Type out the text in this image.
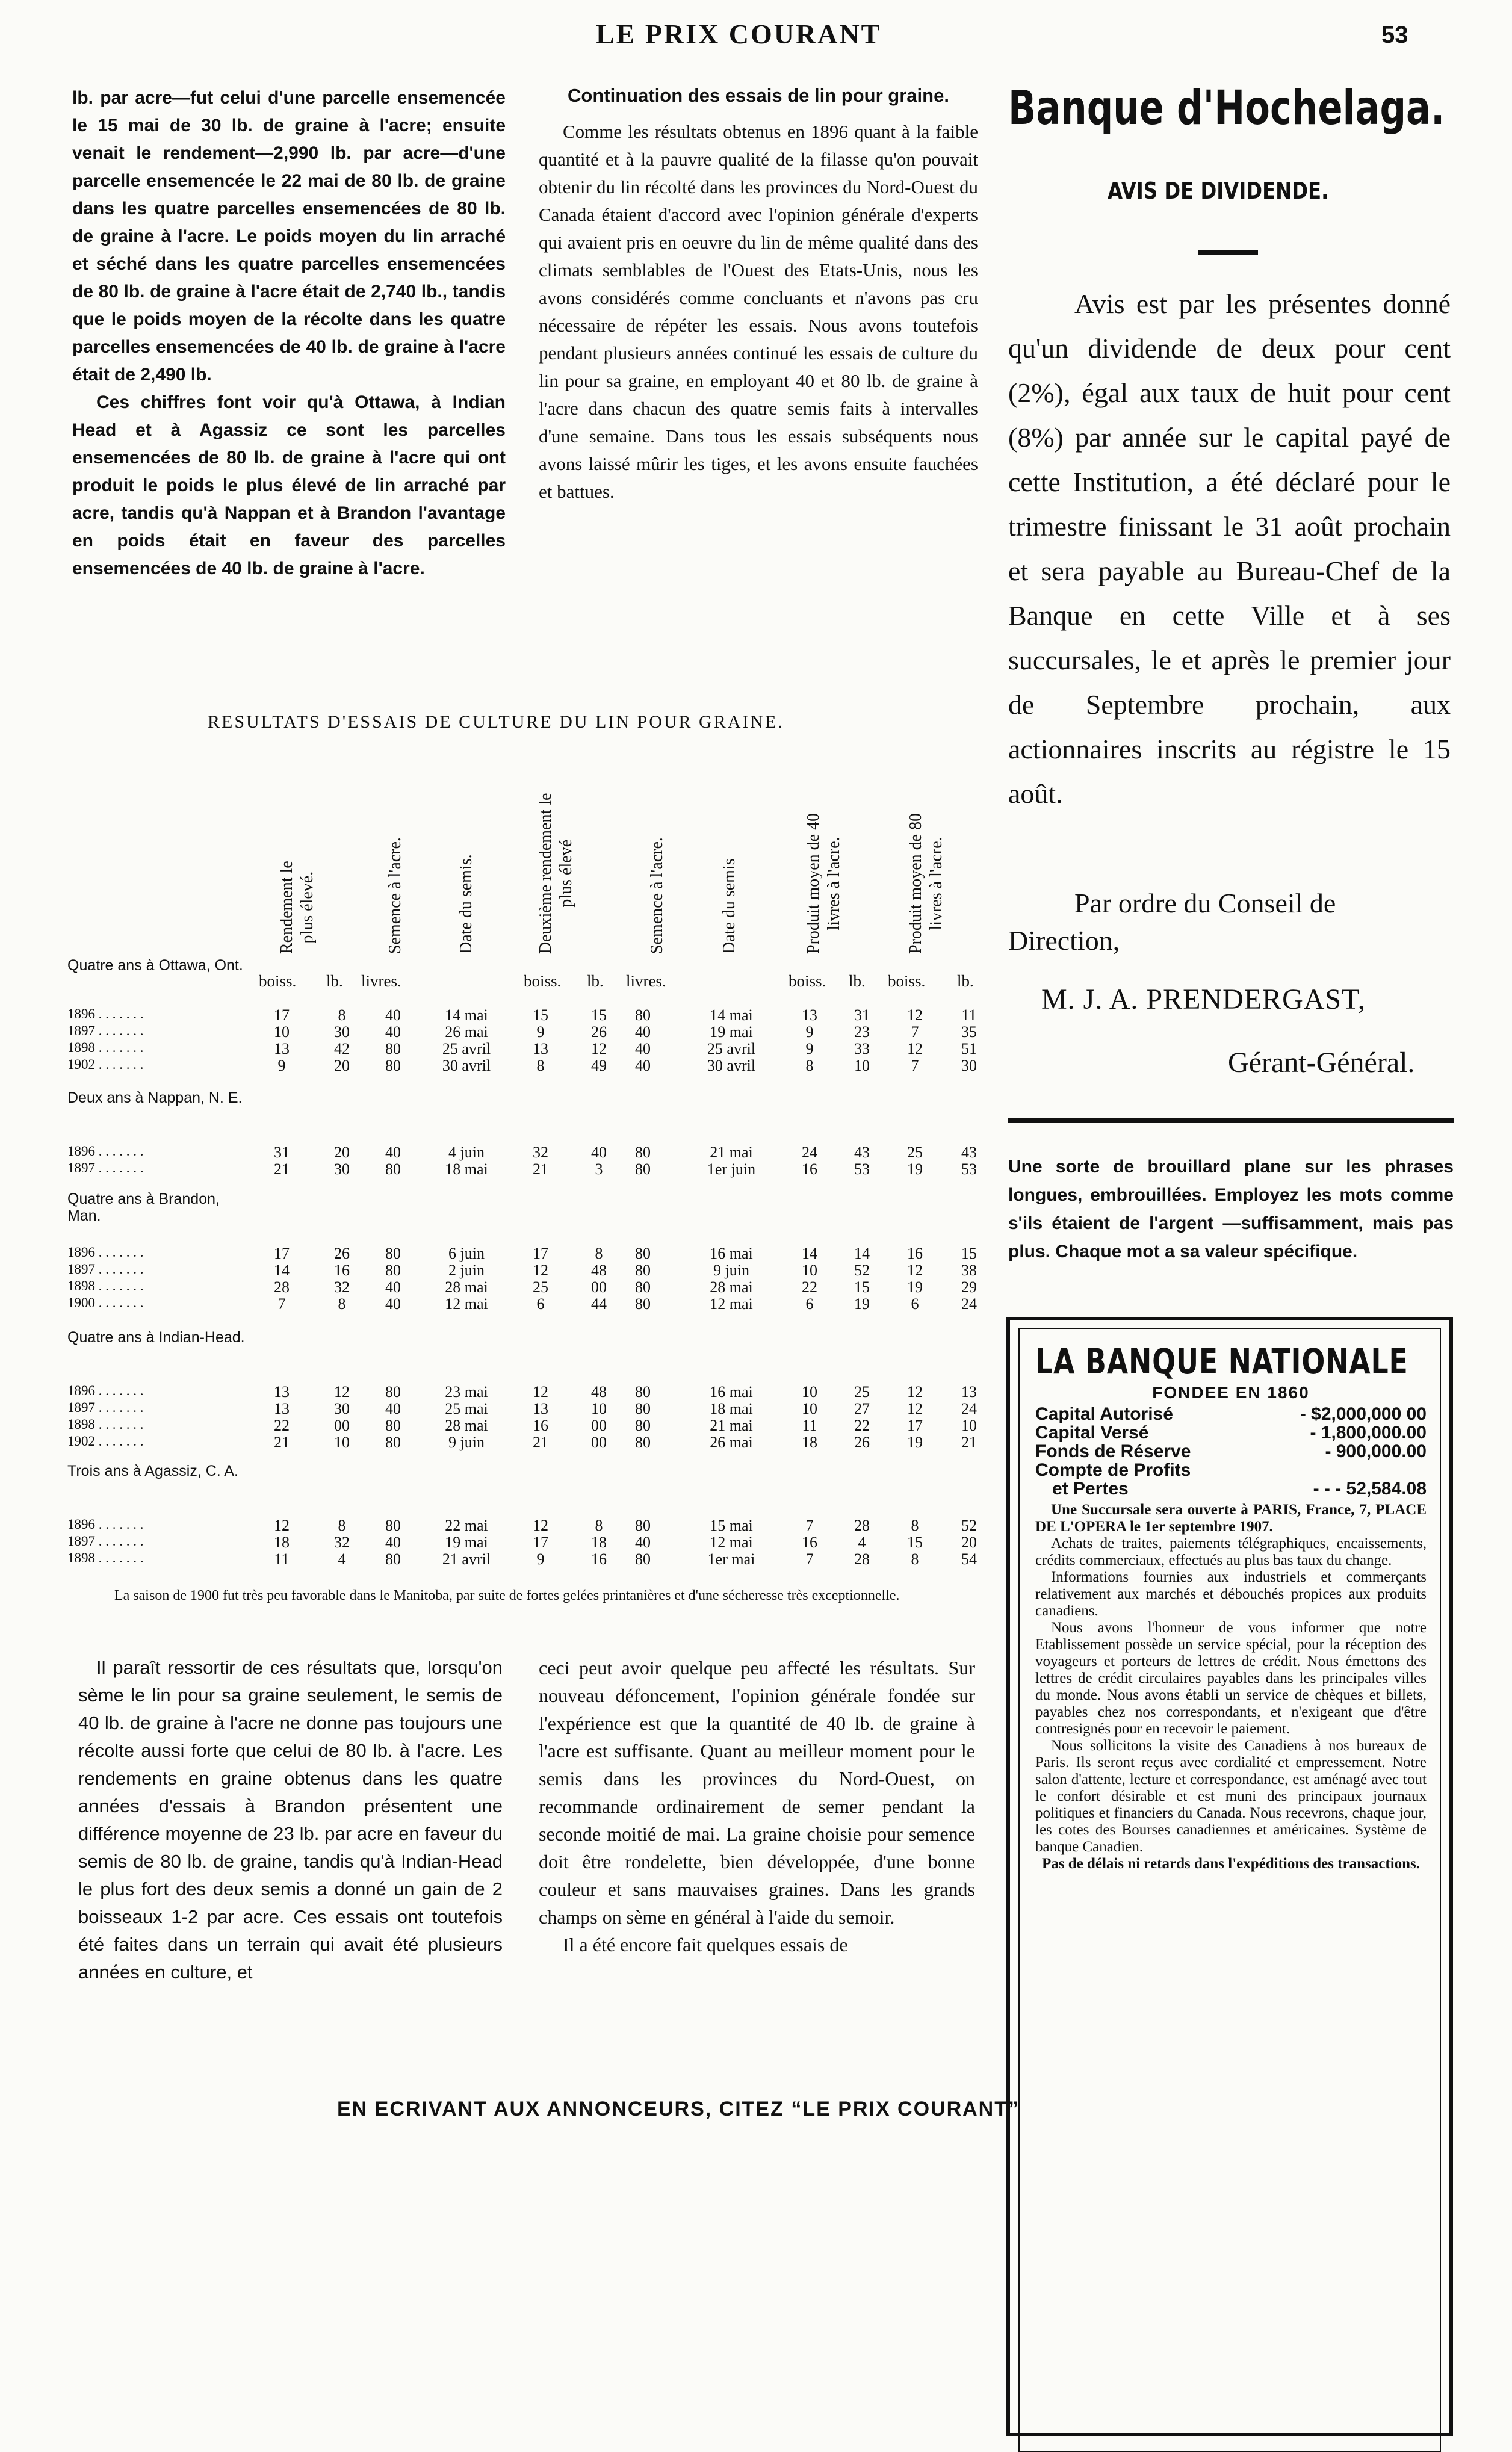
LE PRIX COURANT	53

lb. par acre—fut celui d'une parcelle ensemencée le 15 mai de 30 lb. de graine à l'acre; ensuite venait le rendement—2,990 lb. par acre—d'une parcelle ensemencée le 22 mai de 80 lb. de graine dans les quatre parcelles ensemencées de 80 lb. de graine à l'acre. Le poids moyen du lin arraché et séché dans les quatre parcelles ensemencées de 80 lb. de graine à l'acre était de 2,740 lb., tandis que le poids moyen de la récolte dans les quatre parcelles ensemencées de 40 lb. de graine à l'acre était de 2,490 lb.

Ces chiffres font voir qu'à Ottawa, à Indian Head et à Agassiz ce sont les parcelles ensemencées de 80 lb. de graine à l'acre qui ont produit le poids le plus élevé de lin arraché par acre, tandis qu'à Nappan et à Brandon l'avantage en poids était en faveur des parcelles ensemencées de 40 lb. de graine à l'acre.

Continuation des essais de lin pour graine.

Comme les résultats obtenus en 1896 quant à la faible quantité et à la pauvre qualité de la filasse qu'on pouvait obtenir du lin récolté dans les provinces du Nord-Ouest du Canada étaient d'accord avec l'opinion générale d'experts qui avaient pris en oeuvre du lin de même qualité dans des climats semblables de l'Ouest des Etats-Unis, nous les avons considérés comme concluants et n'avons pas cru nécessaire de répéter les essais. Nous avons toutefois pendant plusieurs années continué les essais de culture du lin pour sa graine, en employant 40 et 80 lb. de graine à l'acre dans chacun des quatre semis faits à intervalles d'une semaine. Dans tous les essais subséquents nous avons laissé mûrir les tiges, et les avons ensuite fauchées et battues.

Banque d'Hochelaga.
AVIS DE DIVIDENDE.

Avis est par les présentes donné qu'un dividende de deux pour cent (2%), égal aux taux de huit pour cent (8%) par année sur le capital payé de cette Institution, a été déclaré pour le trimestre finissant le 31 août prochain et sera payable au Bureau-Chef de la Banque en cette Ville et à ses succursales, le et après le premier jour de Septembre prochain, aux actionnaires inscrits au régistre le 15 août.

Par ordre du Conseil de Direction,
M. J. A. PRENDERGAST,
Gérant-Général.
Une sorte de brouillard plane sur les phrases longues, embrouillées. Employez les mots comme s'ils étaient de l'argent —suffisamment, mais pas plus. Chaque mot a sa valeur spécifique.
LA BANQUE NATIONALE
FONDEE EN 1860
Capital Autorisé	- $2,000,000 00
Capital Versé	- 1,800,000.00
Fonds de Réserve	- 900,000.00
Compte de Profits
et Pertes	- - - 52,584.08

Une Succursale sera ouverte à PARIS, France, 7, PLACE DE L'OPERA le 1er septembre 1907.

Achats de traites, paiements télégraphiques, encaissements, crédits commerciaux, effectués au plus bas taux du change.

Informations fournies aux industriels et commerçants relativement aux marchés et débouchés propices aux produits canadiens.

Nous avons l'honneur de vous informer que notre Etablissement possède un service spécial, pour la réception des voyageurs et porteurs de lettres de crédit. Nous émettons des lettres de crédit circulaires payables dans les principales villes du monde. Nous avons établi un service de chèques et billets, payables chez nos correspondants, et n'exigeant que d'être contresignés pour en recevoir le paiement.

Nous sollicitons la visite des Canadiens à nos bureaux de Paris. Ils seront reçus avec cordialité et empressement. Notre salon d'attente, lecture et correspondance, est aménagé avec tout le confort désirable et est muni des principaux journaux politiques et financiers du Canada. Nous recevrons, chaque jour, les cotes des Bourses canadiennes et américaines. Système de banque Canadien.

Pas de délais ni retards dans l'expéditions des transactions.

RESULTATS D'ESSAIS DE CULTURE DU LIN POUR GRAINE.
Rendement le plus élevé.	Semence à l'acre.	Date du semis.	Deuxième rendement le plus élevé	Semence à l'acre.	Date du semis	Produit moyen de 40 livres à l'acre.	Produit moyen de 80 livres à l'acre.
boiss. lb. livres.	boiss. lb. livres.	boiss. lb. boiss. lb.
Quatre ans à Ottawa, Ont.
1896 . . . . . . .	17	8	40	14 mai	15	15	80	14 mai	13	31	12	11
1897 . . . . . . .	10	30	40	26 mai	9	26	40	19 mai	9	23	7	35
1898 . . . . . . .	13	42	80	25 avril	13	12	40	25 avril	9	33	12	51
1902 . . . . . . .	9	20	80	30 avril	8	49	40	30 avril	8	10	7	30
Deux ans à Nappan, N. E.
1896 . . . . . . .	31	20	40	4 juin	32	40	80	21 mai	24	43	25	43
1897 . . . . . . .	21	30	80	18 mai	21	3	80	1er juin	16	53	19	53
Quatre ans à Brandon, Man.
1896 . . . . . . .	17	26	80	6 juin	17	8	80	16 mai	14	14	16	15
1897 . . . . . . .	14	16	80	2 juin	12	48	80	9 juin	10	52	12	38
1898 . . . . . . .	28	32	40	28 mai	25	00	80	28 mai	22	15	19	29
1900 . . . . . . .	7	8	40	12 mai	6	44	80	12 mai	6	19	6	24
Quatre ans à Indian-Head.
1896 . . . . . . .	13	12	80	23 mai	12	48	80	16 mai	10	25	12	13
1897 . . . . . . .	13	30	40	25 mai	13	10	80	18 mai	10	27	12	24
1898 . . . . . . .	22	00	80	28 mai	16	00	80	21 mai	11	22	17	10
1902 . . . . . . .	21	10	80	9 juin	21	00	80	26 mai	18	26	19	21
Trois ans à Agassiz, C. A.
1896 . . . . . . .	12	8	80	22 mai	12	8	80	15 mai	7	28	8	52
1897 . . . . . . .	18	32	40	19 mai	17	18	40	12 mai	16	4	15	20
1898 . . . . . . .	11	4	80	21 avril	9	16	80	1er mai	7	28	8	54
La saison de 1900 fut très peu favorable dans le Manitoba, par suite de fortes gelées printanières et d'une sécheresse très exceptionnelle.

Il paraît ressortir de ces résultats que, lorsqu'on sème le lin pour sa graine seulement, le semis de 40 lb. de graine à l'acre ne donne pas toujours une récolte aussi forte que celui de 80 lb. à l'acre. Les rendements en graine obtenus dans les quatre années d'essais à Brandon présentent une différence moyenne de 23 lb. par acre en faveur du semis de 80 lb. de graine, tandis qu'à Indian-Head le plus fort des deux semis a donné un gain de 2 boisseaux 1-2 par acre. Ces essais ont toutefois été faites dans un terrain qui avait été plusieurs années en culture, et

ceci peut avoir quelque peu affecté les résultats. Sur nouveau défoncement, l'opinion générale fondée sur l'expérience est que la quantité de 40 lb. de graine à l'acre est suffisante. Quant au meilleur moment pour le semis dans les provinces du Nord-Ouest, on recommande ordinairement de semer pendant la seconde moitié de mai. La graine choisie pour semence doit être rondelette, bien développée, d'une bonne couleur et sans mauvaises graines. Dans les grands champs on sème en général à l'aide du semoir.

Il a été encore fait quelques essais de

EN ECRIVANT AUX ANNONCEURS, CITEZ “LE PRIX COURANT”
